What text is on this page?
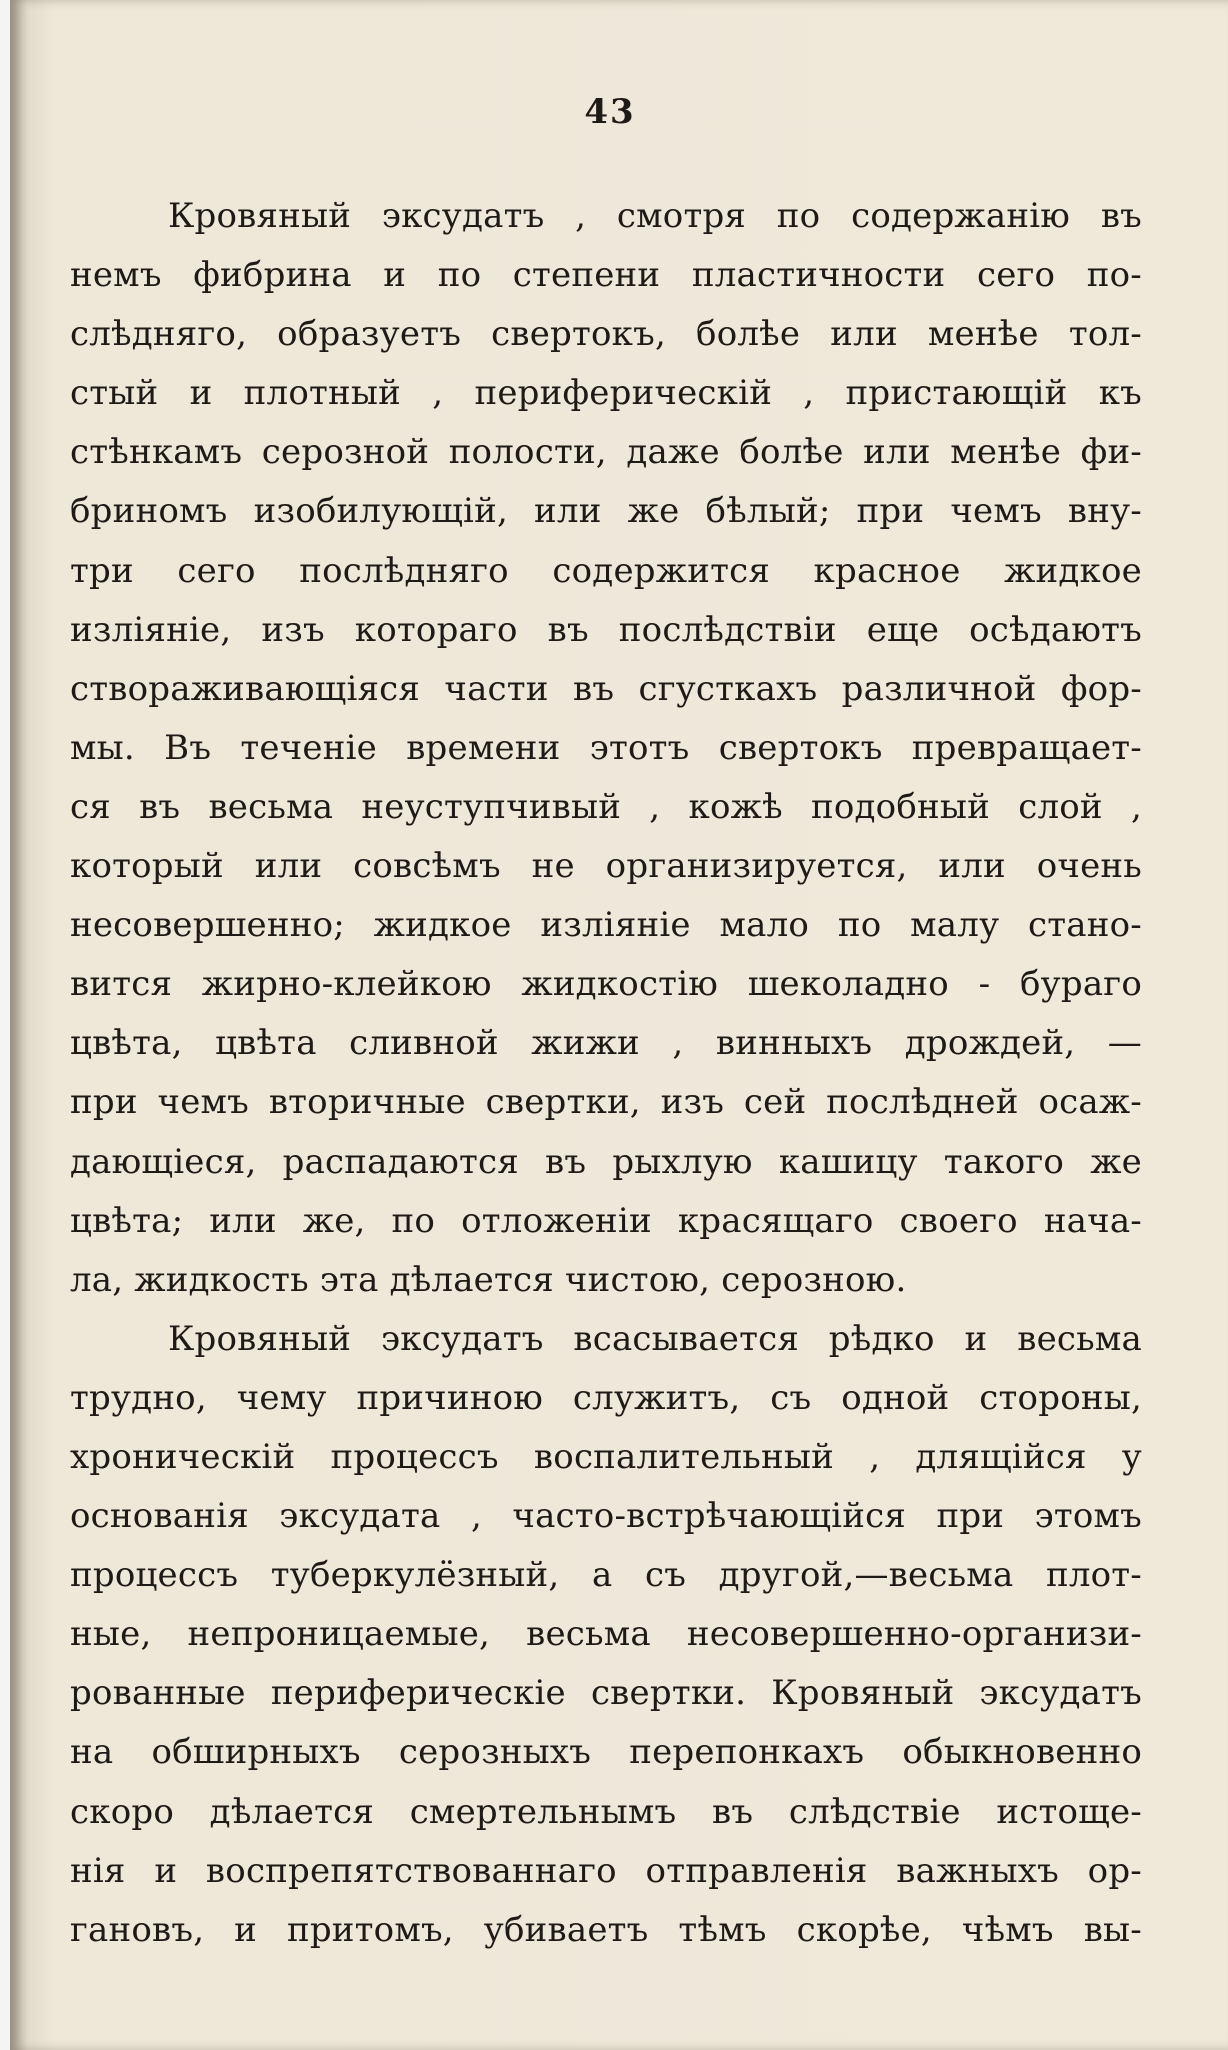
43
Кровяный эксудатъ , смотря по содержанію въ
немъ фибрина и по степени пластичности сего по-
слѣдняго, образуетъ свертокъ, болѣе или менѣе тол-
стый и плотный , периферическій , пристающій къ
стѣнкамъ серозной полости, даже болѣе или менѣе фи-
бриномъ изобилующій, или же бѣлый; при чемъ вну-
три сего послѣдняго содержится красное жидкое
изліяніе, изъ котораго въ послѣдствіи еще осѣдаютъ
створаживающіяся части въ сгусткахъ различной фор-
мы. Въ теченіе времени этотъ свертокъ превращает-
ся въ весьма неуступчивый , кожѣ подобный слой ,
который или совсѣмъ не организируется, или очень
несовершенно; жидкое изліяніе мало по малу стано-
вится жирно-клейкою жидкостію шеколадно - бураго
цвѣта, цвѣта сливной жижи , винныхъ дрождей, —
при чемъ вторичные свертки, изъ сей послѣдней осаж-
дающіеся, распадаются въ рыхлую кашицу такого же
цвѣта; или же, по отложеніи красящаго своего нача-
ла, жидкость эта дѣлается чистою, серозною.
Кровяный эксудатъ всасывается рѣдко и весьма
трудно, чему причиною служитъ, съ одной стороны,
хроническій процессъ воспалительный , длящійся у
основанія эксудата , часто-встрѣчающійся при этомъ
процессъ туберкулёзный, а съ другой,—весьма плот-
ные, непроницаемые, весьма несовершенно-организи-
рованные периферическіе свертки. Кровяный эксудатъ
на обширныхъ серозныхъ перепонкахъ обыкновенно
скоро дѣлается смертельнымъ въ слѣдствіе истоще-
нія и воспрепятствованнаго отправленія важныхъ ор-
гановъ, и притомъ, убиваетъ тѣмъ скорѣе, чѣмъ вы-
